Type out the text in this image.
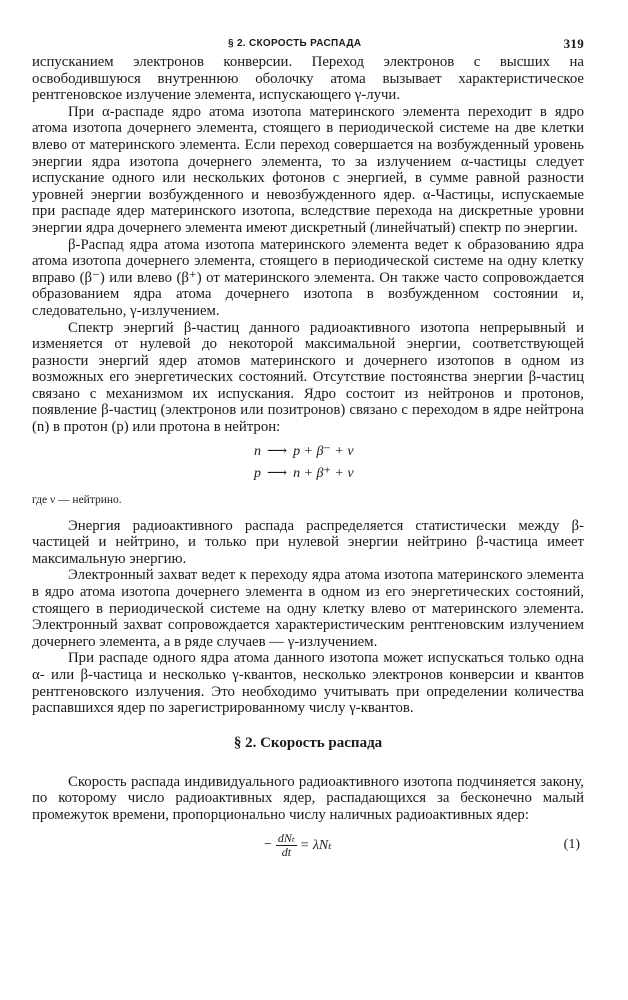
§ 2. СКОРОСТЬ РАСПАДА	319

испусканием электронов конверсии. Переход электронов с высших на освободившуюся внутреннюю оболочку атома вызывает характеристическое рентгеновское излучение элемента, испускающего γ-лучи.

При α-распаде ядро атома изотопа материнского элемента переходит в ядро атома изотопа дочернего элемента, стоящего в периодической системе на две клетки влево от материнского элемента. Если переход совершается на возбужденный уровень энергии ядра изотопа дочернего элемента, то за излучением α-частицы следует испускание одного или нескольких фотонов с энергией, в сумме равной разности уровней энергии возбужденного и невозбужденного ядер. α-Частицы, испускаемые при распаде ядер материнского изотопа, вследствие перехода на дискретные уровни энергии ядра дочернего элемента имеют дискретный (линейчатый) спектр по энергии.

β-Распад ядра атома изотопа материнского элемента ведет к образованию ядра атома изотопа дочернего элемента, стоящего в периодической системе на одну клетку вправо (β⁻) или влево (β⁺) от материнского элемента. Он также часто сопровождается образованием ядра атома дочернего изотопа в возбужденном состоянии и, следовательно, γ-излучением.

Спектр энергий β-частиц данного радиоактивного изотопа непрерывный и изменяется от нулевой до некоторой максимальной энергии, соответствующей разности энергий ядер атомов материнского и дочернего изотопов в одном из возможных его энергетических состояний. Отсутствие постоянства энергии β-частиц связано с механизмом их испускания. Ядро состоит из нейтронов и протонов, появление β-частиц (электронов или позитронов) связано с переходом в ядре нейтрона (n) в протон (p) или протона в нейтрон:

n ⟶ p + β⁻ + ν
p ⟶ n + β⁺ + ν
где ν — нейтрино.

Энергия радиоактивного распада распределяется статистически между β-частицей и нейтрино, и только при нулевой энергии нейтрино β-частица имеет максимальную энергию.

Электронный захват ведет к переходу ядра атома изотопа материнского элемента в ядро атома изотопа дочернего элемента в одном из его энергетических состояний, стоящего в периодической системе на одну клетку влево от материнского элемента. Электронный захват сопровождается характеристическим рентгеновским излучением дочернего элемента, а в ряде случаев — γ-излучением.

При распаде одного ядра атома данного изотопа может испускаться только одна α- или β-частица и несколько γ-квантов, несколько электронов конверсии и квантов рентгеновского излучения. Это необходимо учитывать при определении количества распавшихся ядер по зарегистрированному числу γ-квантов.

§ 2. Скорость распада

Скорость распада индивидуального радиоактивного изотопа подчиняется закону, по которому число радиоактивных ядер, распадающихся за бесконечно малый промежуток времени, пропорционально числу наличных радиоактивных ядер:

− $\frac{\text{dNₜ}}{dt} = \lambda N_t$	(1)
